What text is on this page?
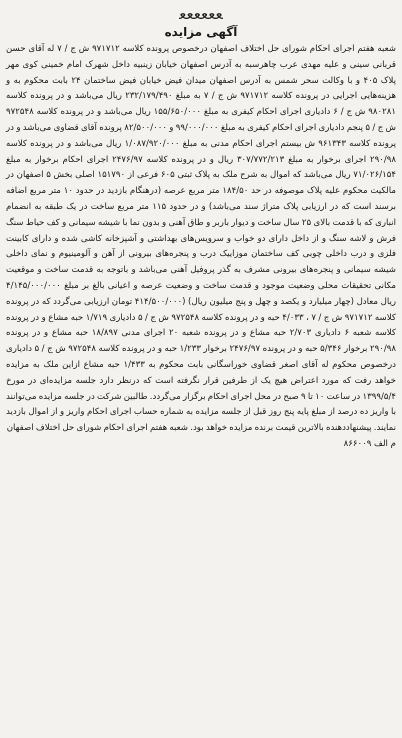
ﻌﻌﻌﻌﻌﻌ
آگهی مزایده

شعبه هفتم اجرای احکام شورای حل اختلاف اصفهان درخصوص پرونده کلاسه ۹۷۱۷۱۲ ش ج / ۷ له آقای حسن قربانی سینی و علیه مهدی عرب چاهرسبه به آدرس اصفهان خیابان زینبیه داخل شهرک امام خمینی کوی مهر پلاک ۴۰۵ و با وکالت سحر شمس به آدرس اصفهان میدان فیض خیابان فیض ساختمان ۲۴ بابت محکوم به و هزینه‌هایی اجرایی در پرونده کلاسه ۹۷۱۷۱۲ ش ج / ۷ به مبلغ ۲۳۲/۱۷۹/۴۹۰ ریال می‌باشد و در پرونده کلاسه ۹۸۰۲۸۱ ش ج / ۶ دادیاری اجرای احکام کیفری به مبلغ ۱۵۵/۶۵۰/۰۰۰ ریال می‌باشد و در پرونده کلاسه ۹۷۲۵۴۸ ش ج / ۵ پنجم دادیاری اجرای احکام کیفری به مبلغ ۹۹/۰۰۰/۰۰۰ و ۸۲/۵۰۰/۰۰۰ پرونده آقای قضاوی می‌باشد و در پرونده کلاسه ۹۶۱۳۴۳ ش بیستم اجرای احکام مدنی به مبلغ ۱/۰۸۷/۹۲۰/۰۰۰ ریال می‌باشد و در پرونده کلاسه ۲۹۰/۹۸ اجرای برخوار به مبلغ ۳۰۷/۷۷۲/۲۱۳ ریال و در پرونده کلاسه ۲۴۷۶/۹۷ اجرای احکام برخوار به مبلغ ۷۱/۰۲۶/۱۵۴ ریال می‌باشد که اموال به شرح ملک به پلاک ثبتی ۶۰۵ فرعی از ۱۵۱۷۹۰ اصلی بخش ۵ اصفهان در مالکیت محکوم علیه پلاک موصوفه در حد ۱۸۴/۵۰ متر مربع عرصه (درهنگام بازدید در حدود ۱۰ متر مربع اضافه برسند است که در ارزیابی پلاک متراژ سند می‌باشد) و در حدود ۱۱۵ متر مربع ساخت در یک طبقه به انضمام انباری که با قدمت بالای ۲۵ سال ساخت و دیوار باربر و طاق آهنی و بدون نما با شیشه سیمانی و کف حیاط سنگ فرش و لاشه سنگ و از داخل دارای دو خواب و سرویس‌های بهداشتی و آشپزخانه کاشی شده و دارای کابینت فلزی و درب داخلی چوبی کف ساختمان موزاییک درب و پنجره‌های بیرونی از آهن و آلومینیوم و نمای داخلی شیشه سیمانی و پنجره‌های بیرونی مشرف به گذر پروفیل آهنی می‌باشد و باتوجه به قدمت ساخت و موقعیت مکانی تحقیقات محلی وضعیت موجود و قدمت ساخت و وضعیت عرصه و اعیانی بالغ بر مبلغ ۴/۱۴۵/۰۰۰/۰۰۰ ریال معادل (چهار میلیارد و یکصد و چهل و پنج میلیون ریال) (۴۱۴/۵۰۰/۰۰۰ تومان ارزیابی می‌گردد که در پرونده کلاسه ۹۷۱۷۱۲ ش ج / ۷ ، ۴/۰۳۳ حبه و در پرونده کلاسه ۹۷۲۵۴۸ ش ج / ۵ دادیاری ۱/۷۱۹ حبه مشاع و در پرونده کلاسه شعبه ۶ دادیاری ۲/۷۰۳ حبه مشاع و در پرونده شعبه ۲۰ اجرای مدنی ۱۸/۸۹۷ حبه مشاع و در پرونده ۲۹۰/۹۸ برخوار ۵/۳۴۶ حبه و در پرونده ۲۴۷۶/۹۷ برخوار ۱/۲۳۳ حبه و در پرونده کلاسه ۹۷۲۵۴۸ ش ج / ۵ دادیاری درخصوص محکوم له آقای اصغر قضاوی خوراسگانی بابت محکوم به ۱/۴۳۳ حبه مشاع ازاین ملک به مزایده خواهد رفت که مورد اعتراض هیچ یک از طرفین قرار نگرفته است که درنظر دارد جلسه مزایده‌ای در مورخ ۱۳۹۹/۵/۴ در ساعت ۱۰ تا ۹ صبح در محل اجرای احکام برگزار می‌گردد. طالبین شرکت در جلسه مزایده می‌توانند با واریز ده درصد از مبلغ پایه پنج روز قبل از جلسه مزایده به شماره حساب اجرای احکام واریز و از اموال بازدید نمایند. پیشنهاد‌دهنده بالاترین قیمت برنده مزایده خواهد بود. شعبه هفتم اجرای احکام شورای حل اختلاف اصفهان

م الف ۸۶۶۰۰۹
